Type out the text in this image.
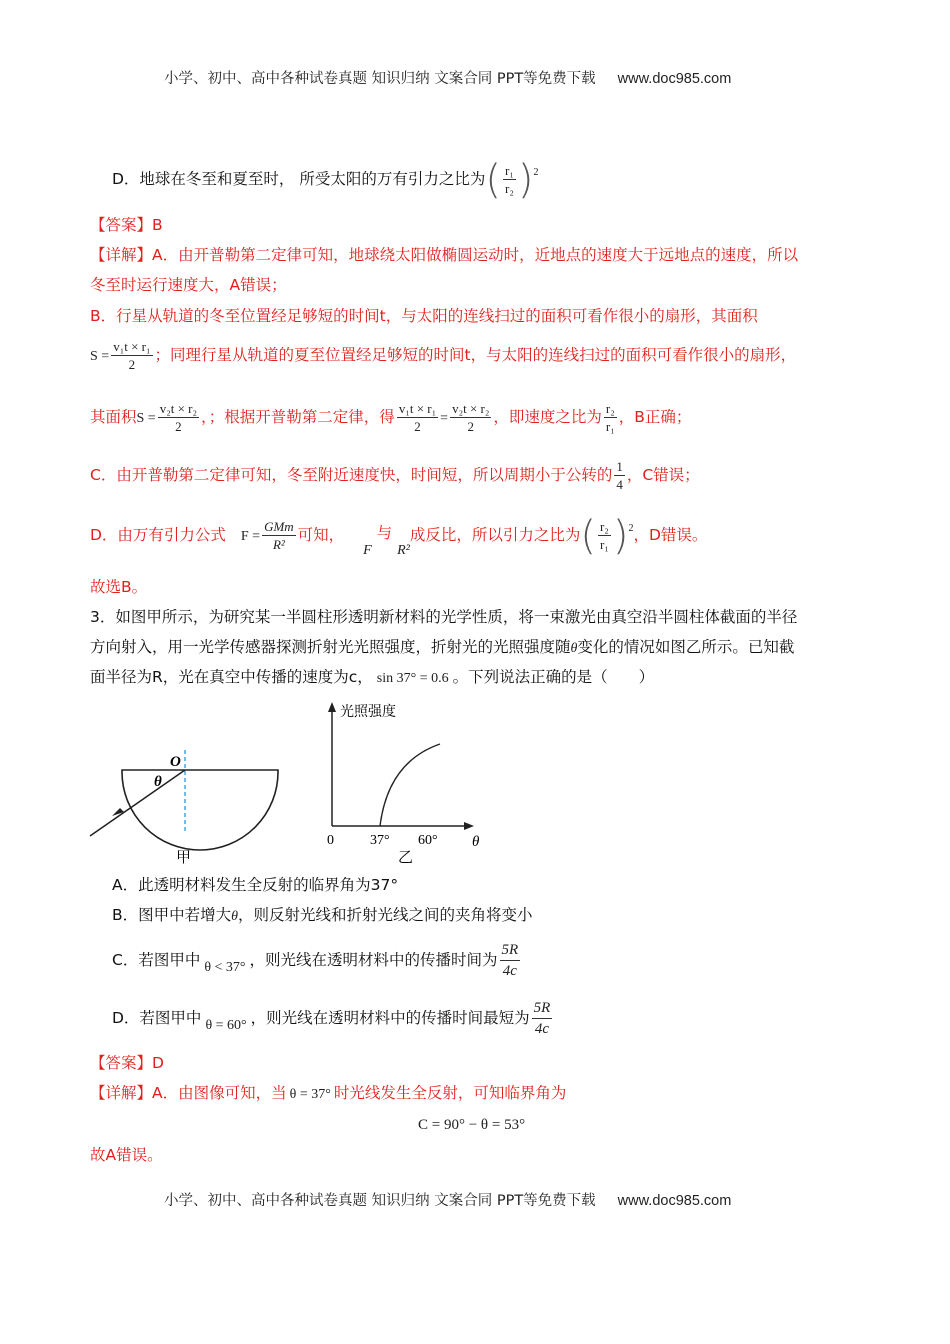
小学、初中、高中各种试卷真题 知识归纳 文案合同 PPT等免费下载 www.doc985.com
D．地球在冬至和夏至时， 所受太阳的万有引力之比为( $\frac{\text{r₁}}{\text{r₂}} )^2$
【答案】B
【详解】A．由开普勒第二定律可知，地球绕太阳做椭圆运动时，近地点的速度大于远地点的速度，所以
冬至时运行速度大，A错误；
B．行星从轨道的冬至位置经足够短的时间t，与太阳的连线扫过的面积可看作很小的扇形，其面积
$S = \frac{\text{v₁t × r₁}}{2}$ ；同理行星从轨道的夏至位置经足够短的时间t，与太阳的连线扫过的面积可看作很小的扇形，
其面积$S = \frac{\text{v₂t × r₂}}{2}$ ，；根据开普勒第二定律，得 $\frac{\text{v₁t × r₁}}{2} = \frac{\text{v₂t × r₂}}{2}$ ，即速度之比为 $\frac{\text{r₂}}{\text{r₁}}$ ，B正确；
C．由开普勒第二定律可知，冬至附近速度快，时间短，所以周期小于公转的 $\frac{1}{4}$ ，C错误；
D．由万有引力公式 $F = \frac{\text{GMm}}{\text{R²}}$ 可知， F 与 R²成反比，所以引力之比为( $\frac{\text{r₂}}{\text{r₁}} )^2$，D错误。
故选B。
3．如图甲所示，为研究某一半圆柱形透明新材料的光学性质，将一束激光由真空沿半圆柱体截面的半径
方向射入，用一光学传感器探测折射光光照强度，折射光的光照强度随θ变化的情况如图乙所示。已知截
面半径为R，光在真空中传播的速度为c， sin 37° = 0.6 。下列说法正确的是（　　）
O
θ
甲
光照强度
0	37° 60° θ
乙
A．此透明材料发生全反射的临界角为37°
B．图甲中若增大θ，则反射光线和折射光线之间的夹角将变小
C．若图甲中 θ < 37° ，则光线在透明材料中的传播时间为 $\frac{5R}{4c}$
D．若图甲中 θ = 60° ，则光线在透明材料中的传播时间最短为 $\frac{5R}{4c}$
【答案】D
【详解】A．由图像可知，当 θ = 37° 时光线发生全反射，可知临界角为
C = 90° − θ = 53°
故A错误。
小学、初中、高中各种试卷真题 知识归纳 文案合同 PPT等免费下载 www.doc985.com
